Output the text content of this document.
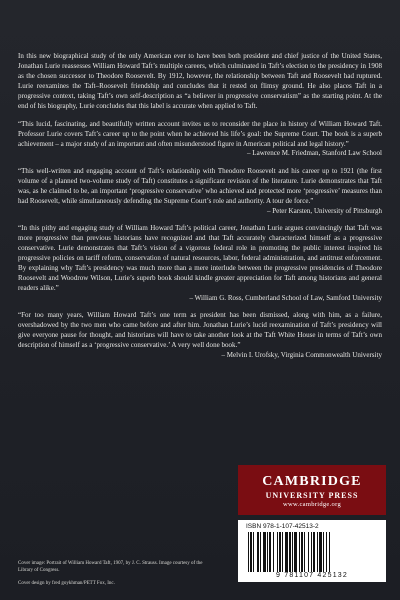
In this new biographical study of the only American ever to have been both president and chief justice of the United States, Jonathan Lurie reassesses William Howard Taft’s multiple careers, which culminated in Taft’s election to the presidency in 1908 as the chosen successor to Theodore Roosevelt. By 1912, however, the relationship between Taft and Roosevelt had ruptured. Lurie reexamines the Taft–Roosevelt friendship and concludes that it rested on flimsy ground. He also places Taft in a progressive context, taking Taft’s own self-description as “a believer in progressive conservatism” as the starting point. At the end of his biography, Lurie concludes that this label is accurate when applied to Taft.

“This lucid, fascinating, and beautifully written account invites us to reconsider the place in history of William Howard Taft. Professor Lurie covers Taft’s career up to the point when he achieved his life’s goal: the Supreme Court. The book is a superb achievement – a major study of an important and often misunderstood figure in American political and legal history.”

– Lawrence M. Friedman, Stanford Law School

“This well-written and engaging account of Taft’s relationship with Theodore Roosevelt and his career up to 1921 (the first volume of a planned two-volume study of Taft) constitutes a significant revision of the literature. Lurie demonstrates that Taft was, as he claimed to be, an important ‘progressive conservative’ who achieved and protected more ‘progressive’ measures than had Roosevelt, while simultaneously defending the Supreme Court’s role and authority. A tour de force.”

– Peter Karsten, University of Pittsburgh

“In this pithy and engaging study of William Howard Taft’s political career, Jonathan Lurie argues convincingly that Taft was more progressive than previous historians have recognized and that Taft accurately characterized himself as a progressive conservative. Lurie demonstrates that Taft’s vision of a vigorous federal role in promoting the public interest inspired his progressive policies on tariff reform, conservation of natural resources, labor, federal administration, and antitrust enforcement. By explaining why Taft’s presidency was much more than a mere interlude between the progressive presidencies of Theodore Roosevelt and Woodrow Wilson, Lurie’s superb book should kindle greater appreciation for Taft among historians and general readers alike.”

– William G. Ross, Cumberland School of Law, Samford University

“For too many years, William Howard Taft’s one term as president has been dismissed, along with him, as a failure, overshadowed by the two men who came before and after him. Jonathan Lurie’s lucid reexamination of Taft’s presidency will give everyone pause for thought, and historians will have to take another look at the Taft White House in terms of Taft’s own description of himself as a ‘progressive conservative.’ A very well done book.”

– Melvin I. Urofsky, Virginia Commonwealth University

CAMBRIDGE
UNIVERSITY PRESS
www.cambridge.org
ISBN 978-1-107-42513-2
9 781107 425132

Cover image: Portrait of William Howard Taft, 1907, by J. C. Strauss. Image courtesy of the Library of Congress.

Cover design by fred goykhman/PETT Fox, Inc.
